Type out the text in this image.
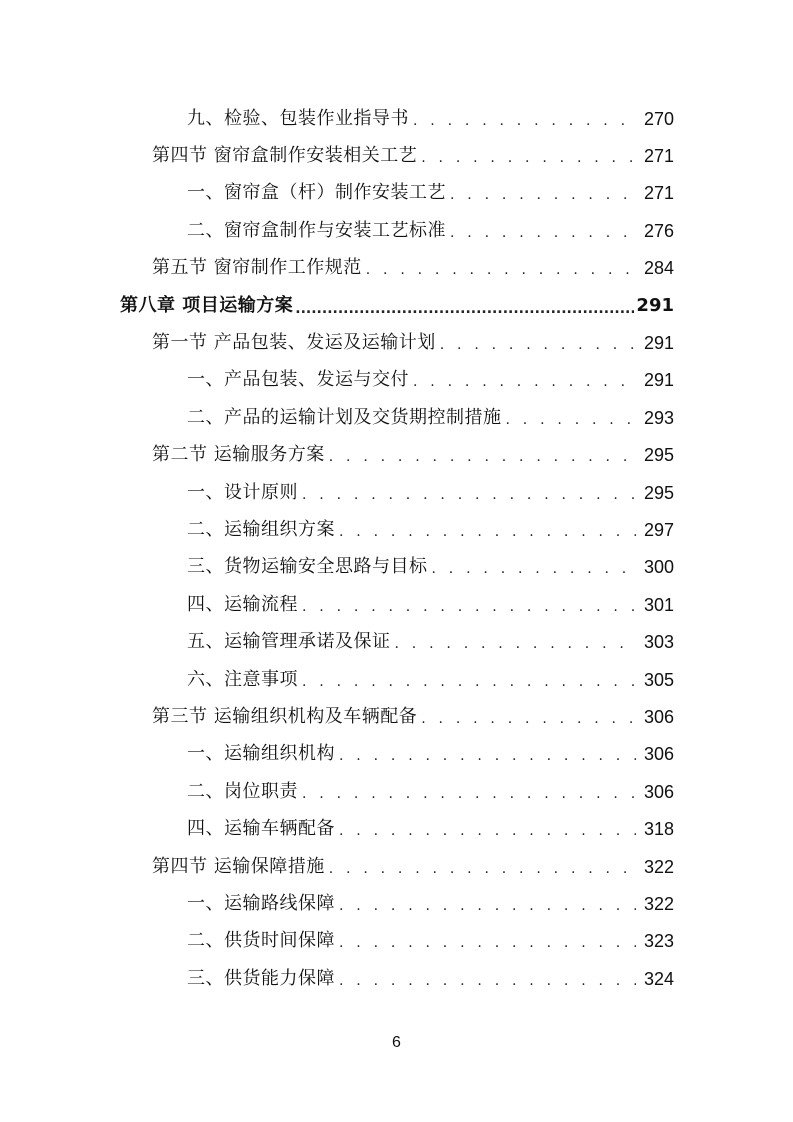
九、检验、包装作业指导书 . . .	270
第四节 窗帘盒制作安装相关工艺 . . .	271
一、窗帘盒（杆）制作安装工艺 . . .	271
二、窗帘盒制作与安装工艺标准 . . .	276
第五节 窗帘制作工作规范 . . .	284
第八章 项目运输方案 .....	291
第一节 产品包装、发运及运输计划 . . .	291
一、产品包装、发运与交付 . . .	291
二、产品的运输计划及交货期控制措施 . . .	293
第二节 运输服务方案 . . .	295
一、设计原则 . . .	295
二、运输组织方案 . . .	297
三、货物运输安全思路与目标 . . .	300
四、运输流程 . . .	301
五、运输管理承诺及保证 . . .	303
六、注意事项 . . .	305
第三节 运输组织机构及车辆配备 . . .	306
一、运输组织机构 . . .	306
二、岗位职责 . . .	306
四、运输车辆配备 . . .	318
第四节 运输保障措施 . . .	322
一、运输路线保障 . . .	322
二、供货时间保障 . . .	323
三、供货能力保障 . . .	324
6
